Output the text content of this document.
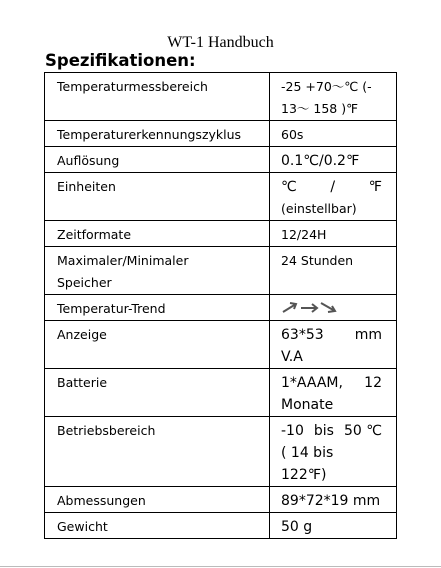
WT-1 Handbuch
Spezifikationen:
Temperaturmessbereich	-25 +70～℃ (-
13～ 158 )℉

Temperaturerkennungszyklus	60s
Auflösung	0.1℃/0.2℉
Einheiten	℃ / ℉
(einstellbar)

Zeitformate	12/24H

Maximaler/Minimaler
Speicher	24 Stunden
Temperatur-Trend	

Anzeige	63*53 mm
V.A

Batterie	1*AAAM, 12
Monate

Betriebsbereich	-10 bis 50 ℃
( 14 bis 122℉)

Abmessungen	89*72*19 mm
Gewicht	50 g
